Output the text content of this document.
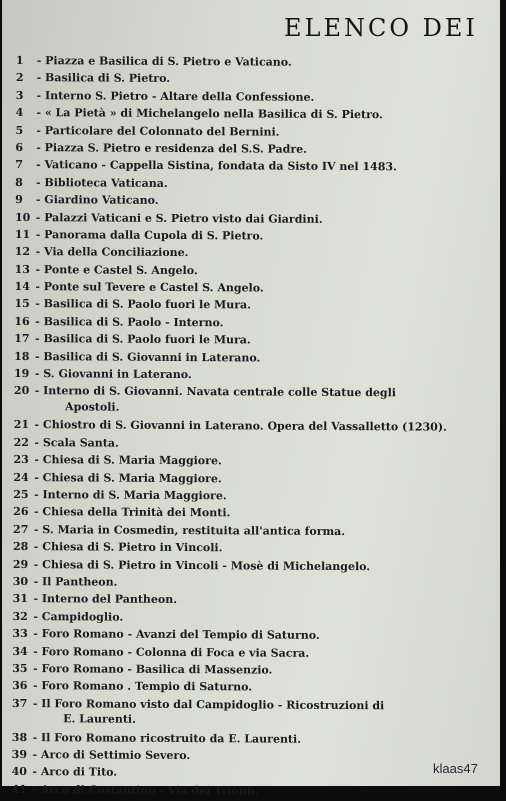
ELENCO DEI
1 - Piazza e Basilica di S. Pietro e Vaticano.
2 - Basilica di S. Pietro.
3 - Interno S. Pietro - Altare della Confessione.
4 - « La Pietà » di Michelangelo nella Basilica di S. Pietro.
5 - Particolare del Colonnato del Bernini.
6 - Piazza S. Pietro e residenza del S.S. Padre.
7 - Vaticano - Cappella Sistina, fondata da Sisto IV nel 1483.
8 - Biblioteca Vaticana.
9 - Giardino Vaticano.
10 - Palazzi Vaticani e S. Pietro visto dai Giardini.
11 - Panorama dalla Cupola di S. Pietro.
12 - Via della Conciliazione.
13 - Ponte e Castel S. Angelo.
14 - Ponte sul Tevere e Castel S. Angelo.
15 - Basilica di S. Paolo fuori le Mura.
16 - Basilica di S. Paolo - Interno.
17 - Basilica di S. Paolo fuori le Mura.
18 - Basilica di S. Giovanni in Laterano.
19 - S. Giovanni in Laterano.
20 - Interno di S. Giovanni. Navata centrale colle Statue degli
Apostoli.
21 - Chiostro di S. Giovanni in Laterano. Opera del Vassalletto (1230).
22 - Scala Santa.
23 - Chiesa di S. Maria Maggiore.
24 - Chiesa di S. Maria Maggiore.
25 - Interno di S. Maria Maggiore.
26 - Chiesa della Trinità dei Monti.
27 - S. Maria in Cosmedin, restituita all'antica forma.
28 - Chiesa di S. Pietro in Vincoli.
29 - Chiesa di S. Pietro in Vincoli - Mosè di Michelangelo.
30 - Il Pantheon.
31 - Interno del Pantheon.
32 - Campidoglio.
33 - Foro Romano - Avanzi del Tempio di Saturno.
34 - Foro Romano - Colonna di Foca e via Sacra.
35 - Foro Romano - Basilica di Massenzio.
36 - Foro Romano . Tempio di Saturno.
37 - Il Foro Romano visto dal Campidoglio - Ricostruzioni di
E. Laurenti.
38 - Il Foro Romano ricostruito da E. Laurenti.
39 - Arco di Settimio Severo.
40 - Arco di Tito.
41 - Arco di Costantino - Via dei Trionfi.
klaas47
